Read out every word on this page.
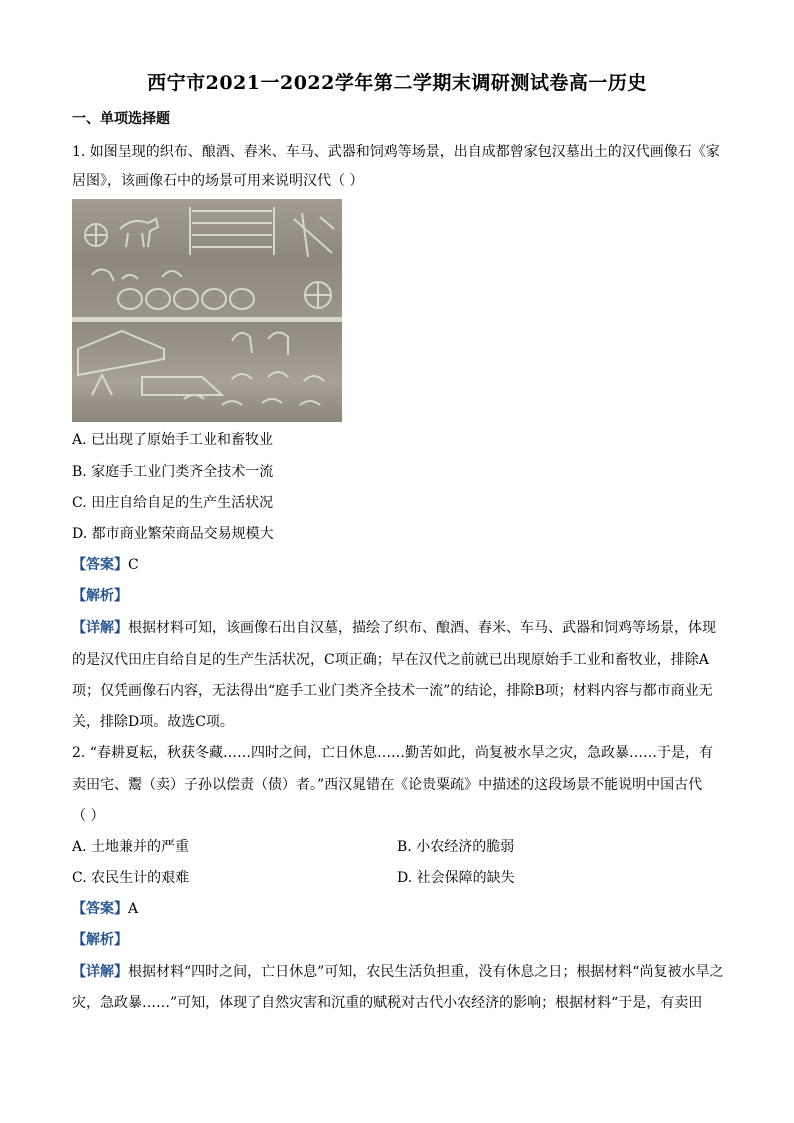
西宁市2021一2022学年第二学期末调研测试卷高一历史
一、单项选择题
1. 如图呈现的织布、酿酒、舂米、车马、武器和饲鸡等场景，出自成都曾家包汉墓出土的汉代画像石《家
居图》，该画像石中的场景可用来说明汉代（ ）
A. 已出现了原始手工业和畜牧业
B. 家庭手工业门类齐全技术一流
C. 田庄自给自足的生产生活状况
D. 都市商业繁荣商品交易规模大
【答案】C
【解析】
【详解】根据材料可知，该画像石出自汉墓，描绘了织布、酿酒、舂米、车马、武器和饲鸡等场景，体现
的是汉代田庄自给自足的生产生活状况，C项正确；早在汉代之前就已出现原始手工业和畜牧业，排除A
项；仅凭画像石内容，无法得出“庭手工业门类齐全技术一流”的结论，排除B项；材料内容与都市商业无
关，排除D项。故选C项。
2. “春耕夏耘，秋获冬藏……四时之间，亡日休息……勤苦如此，尚复被水旱之灾，急政暴……于是，有
卖田宅、鬻（卖）子孙以偿责（债）者。”西汉晁错在《论贵粟疏》中描述的这段场景不能说明中国古代
（ ）
A. 土地兼并的严重	B. 小农经济的脆弱
C. 农民生计的艰难	D. 社会保障的缺失
【答案】A
【解析】
【详解】根据材料“四时之间，亡日休息”可知，农民生活负担重，没有休息之日；根据材料“尚复被水旱之
灾，急政暴……”可知，体现了自然灾害和沉重的赋税对古代小农经济的影响；根据材料“于是，有卖田
